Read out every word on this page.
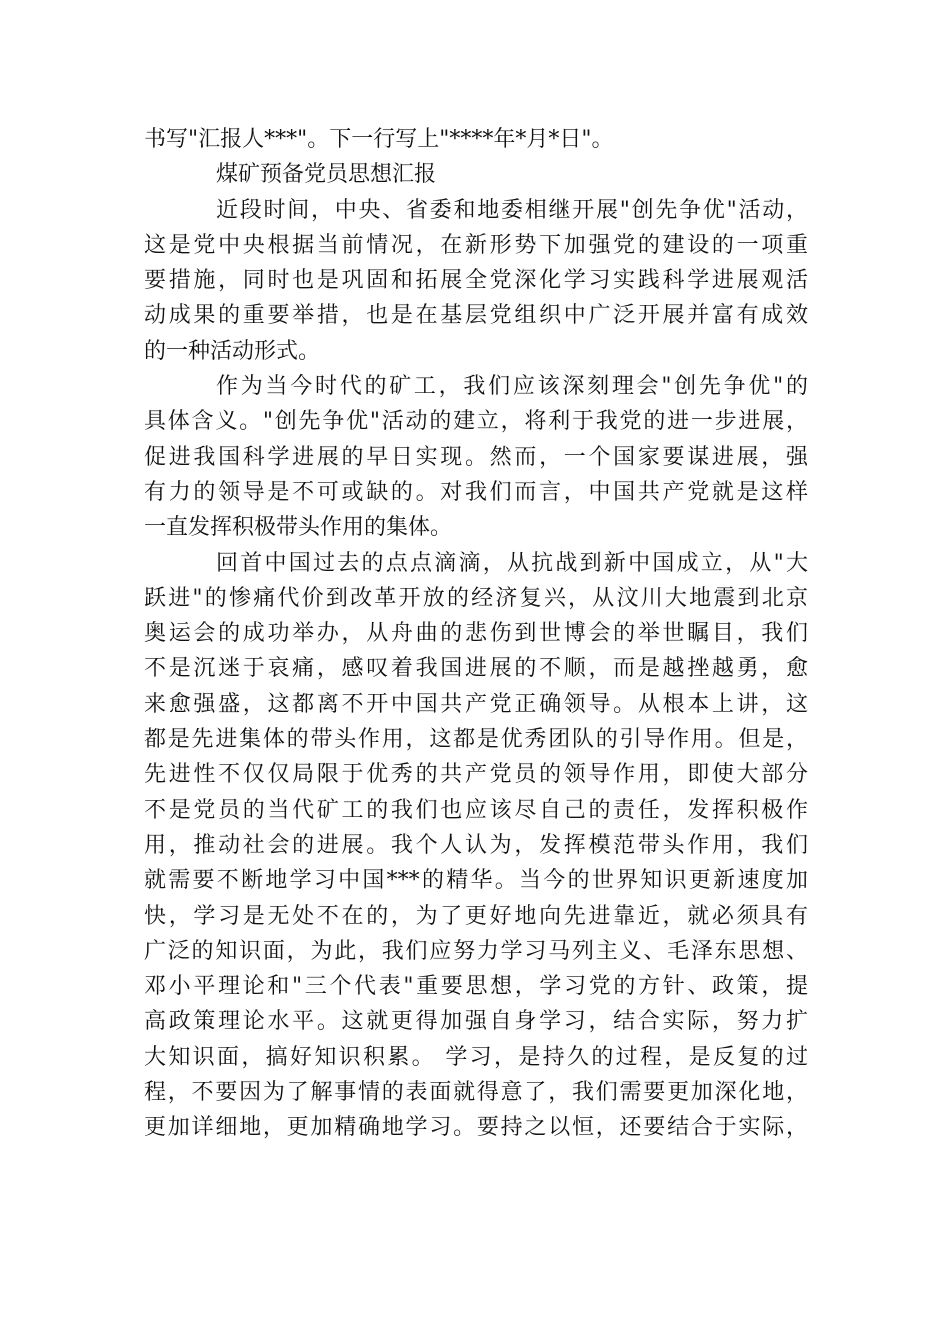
书写"汇报人***"。下一行写上"****年*月*日"。
煤矿预备党员思想汇报
近段时间，中央、省委和地委相继开展"创先争优"活动，
这是党中央根据当前情况，在新形势下加强党的建设的一项重
要措施，同时也是巩固和拓展全党深化学习实践科学进展观活
动成果的重要举措，也是在基层党组织中广泛开展并富有成效
的一种活动形式。
作为当今时代的矿工，我们应该深刻理会"创先争优"的
具体含义。"创先争优"活动的建立，将利于我党的进一步进展，
促进我国科学进展的早日实现。然而，一个国家要谋进展，强
有力的领导是不可或缺的。对我们而言，中国共产党就是这样
一直发挥积极带头作用的集体。
回首中国过去的点点滴滴，从抗战到新中国成立，从"大
跃进"的惨痛代价到改革开放的经济复兴，从汶川大地震到北京
奥运会的成功举办，从舟曲的悲伤到世博会的举世瞩目，我们
不是沉迷于哀痛，感叹着我国进展的不顺，而是越挫越勇，愈
来愈强盛，这都离不开中国共产党正确领导。从根本上讲，这
都是先进集体的带头作用，这都是优秀团队的引导作用。但是，
先进性不仅仅局限于优秀的共产党员的领导作用，即使大部分
不是党员的当代矿工的我们也应该尽自己的责任，发挥积极作
用，推动社会的进展。我个人认为，发挥模范带头作用，我们
就需要不断地学习中国***的精华。当今的世界知识更新速度加
快，学习是无处不在的，为了更好地向先进靠近，就必须具有
广泛的知识面，为此，我们应努力学习马列主义、毛泽东思想、
邓小平理论和"三个代表"重要思想，学习党的方针、政策，提
高政策理论水平。这就更得加强自身学习，结合实际，努力扩
大知识面，搞好知识积累。 学习，是持久的过程，是反复的过
程，不要因为了解事情的表面就得意了，我们需要更加深化地，
更加详细地，更加精确地学习。要持之以恒，还要结合于实际，
